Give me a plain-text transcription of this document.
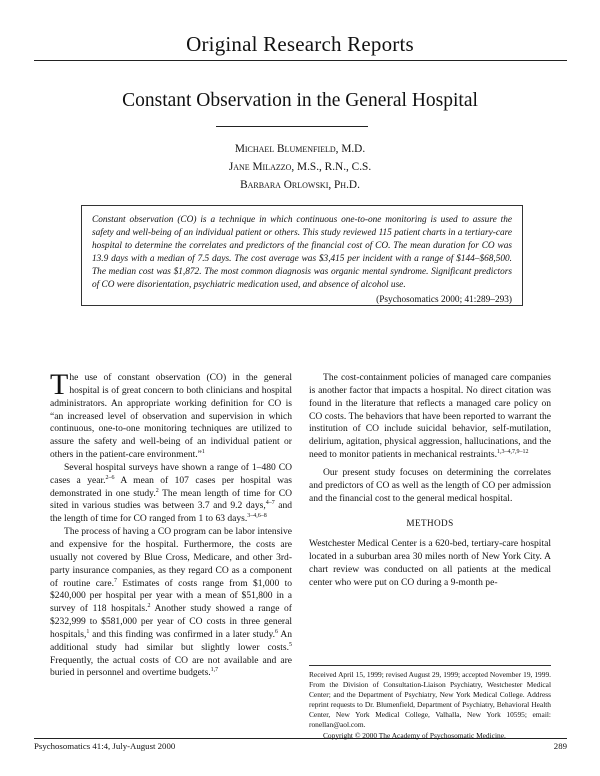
Original Research Reports
Constant Observation in the General Hospital
Michael Blumenfield, M.D.
Jane Milazzo, M.S., R.N., C.S.
Barbara Orlowski, Ph.D.

Constant observation (CO) is a technique in which continuous one-to-one monitoring is used to assure the safety and well-being of an individual patient or others. This study reviewed 115 patient charts in a tertiary-care hospital to determine the correlates and predictors of the financial cost of CO. The mean duration for CO was 13.9 days with a median of 7.5 days. The cost average was $3,415 per incident with a range of $144–$68,500. The median cost was $1,872. The most common diagnosis was organic mental syndrome. Significant predictors of CO were disorientation, psychiatric medication used, and absence of alcohol use.

(Psychosomatics 2000; 41:289–293)

The use of constant observation (CO) in the general hospital is of great concern to both clinicians and hospital administrators. An appropriate working definition for CO is “an increased level of observation and supervision in which continuous, one-to-one monitoring techniques are utilized to assure the safety and well-being of an individual patient or others in the patient-care environment.”$^1$

Several hospital surveys have shown a range of 1–480 CO cases a year.$^{2-6}$ A mean of 107 cases per hospital was demonstrated in one study.$^2$ The mean length of time for CO sited in various studies was between 3.7 and 9.2 days,$^{4-7}$ and the length of time for CO ranged from 1 to 63 days.$^{3-4,6-8}$

The process of having a CO program can be labor intensive and expensive for the hospital. Furthermore, the costs are usually not covered by Blue Cross, Medicare, and other 3rd-party insurance companies, as they regard CO as a component of routine care.$^7$ Estimates of costs range from $1,000 to $240,000 per hospital per year with a mean of $51,800 in a survey of 118 hospitals.$^2$ Another study showed a range of $232,999 to $581,000 per year of CO costs in three general hospitals,$^1$ and this finding was confirmed in a later study.$^6$ An additional study had similar but slightly lower costs.$^5$ Frequently, the actual costs of CO are not available and are buried in personnel and overtime budgets.$^{1,7}$

The cost-containment policies of managed care companies is another factor that impacts a hospital. No direct citation was found in the literature that reflects a managed care policy on CO costs. The behaviors that have been reported to warrant the institution of CO include suicidal behavior, self-mutilation, delirium, agitation, physical aggression, hallucinations, and the need to monitor patients in mechanical restraints.$^{1,3-4,7,9-12}$

Our present study focuses on determining the correlates and predictors of CO as well as the length of CO per admission and the financial cost to the general medical hospital.

METHODS

Westchester Medical Center is a 620-bed, tertiary-care hospital located in a suburban area 30 miles north of New York City. A chart review was conducted on all patients at the medical center who were put on CO during a 9-month pe-

Received April 15, 1999; revised August 29, 1999; accepted November 19, 1999. From the Division of Consultation-Liaison Psychiatry, Westchester Medical Center; and the Department of Psychiatry, New York Medical College. Address reprint requests to Dr. Blumenfield, Department of Psychiatry, Behavioral Health Center, New York Medical College, Valhalla, New York 10595; email: ronellan@aol.com.

Copyright © 2000 The Academy of Psychosomatic Medicine.

Psychosomatics 41:4, July-August 2000	289
